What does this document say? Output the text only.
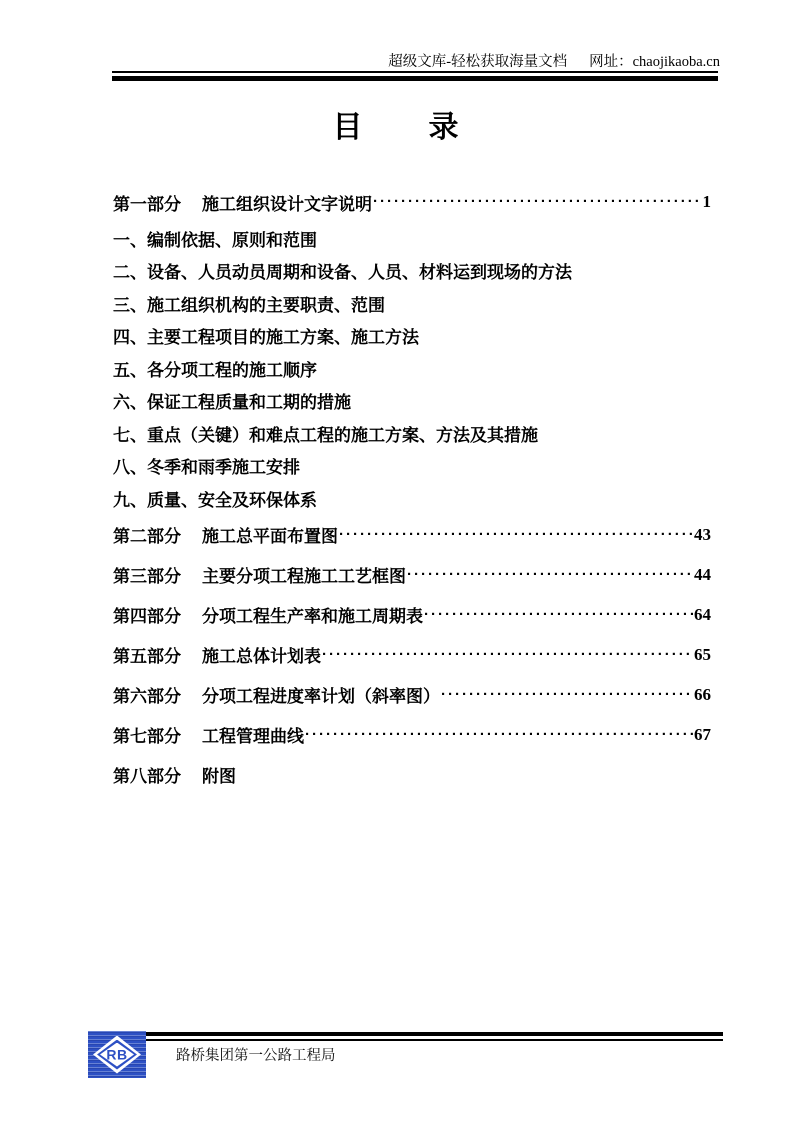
超级文库-轻松获取海量文档 网址：chaojikaoba.cn
目　　录
第一部分 施工组织设计文字说明 ·····	1
一、编制依据、原则和范围
二、设备、人员动员周期和设备、人员、材料运到现场的方法
三、施工组织机构的主要职责、范围
四、主要工程项目的施工方案、施工方法
五、各分项工程的施工顺序
六、保证工程质量和工期的措施
七、重点（关键）和难点工程的施工方案、方法及其措施
八、冬季和雨季施工安排
九、质量、安全及环保体系
第二部分 施工总平面布置图 ·····	43
第三部分 主要分项工程施工工艺框图 ·····	44
第四部分 分项工程生产率和施工周期表 ·····	64
第五部分 施工总体计划表 ·····	65
第六部分 分项工程进度率计划（斜率图） ·····	66
第七部分 工程管理曲线 ·····	67
第八部分 附图
RB	路桥集团第一公路工程局
